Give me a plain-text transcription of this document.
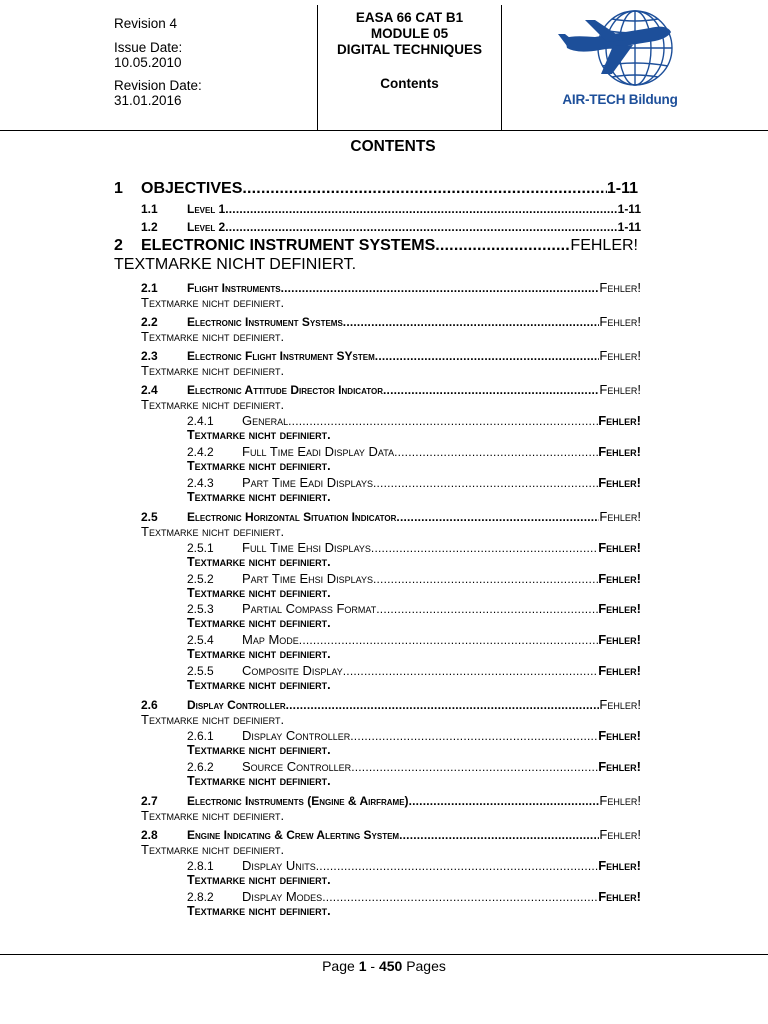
Revision 4
Issue Date:
10.05.2010
Revision Date:
31.01.2016
EASA 66 CAT B1
MODULE 05
DIGITAL TECHNIQUES
Contents
AIR-TECH Bildung
CONTENTS
1	OBJECTIVES .....	1-11
1.1	Level 1 .....	1-11
1.2	Level 2 .....	1-11
2	ELECTRONIC INSTRUMENT SYSTEMS .....	FEHLER!
TEXTMARKE NICHT DEFINIERT.
2.1	Flight Instruments .....	Fehler!
Textmarke nicht definiert.
2.2	Electronic Instrument Systems .....	Fehler!
Textmarke nicht definiert.
2.3	Electronic Flight Instrument SYstem .....	Fehler!
Textmarke nicht definiert.
2.4	Electronic Attitude Director Indicator .....	Fehler!
Textmarke nicht definiert.
2.4.1	General .....	Fehler!
Textmarke nicht definiert.
2.4.2	Full Time Eadi Display Data .....	Fehler!
Textmarke nicht definiert.
2.4.3	Part Time Eadi Displays .....	Fehler!
Textmarke nicht definiert.
2.5	Electronic Horizontal Situation Indicator .....	Fehler!
Textmarke nicht definiert.
2.5.1	Full Time Ehsi Displays .....	Fehler!
Textmarke nicht definiert.
2.5.2	Part Time Ehsi Displays .....	Fehler!
Textmarke nicht definiert.
2.5.3	Partial Compass Format .....	Fehler!
Textmarke nicht definiert.
2.5.4	Map Mode .....	Fehler!
Textmarke nicht definiert.
2.5.5	Composite Display .....	Fehler!
Textmarke nicht definiert.
2.6	Display Controller .....	Fehler!
Textmarke nicht definiert.
2.6.1	Display Controller .....	Fehler!
Textmarke nicht definiert.
2.6.2	Source Controller .....	Fehler!
Textmarke nicht definiert.
2.7	Electronic Instruments (Engine & Airframe) .....	Fehler!
Textmarke nicht definiert.
2.8	Engine Indicating & Crew Alerting System .....	Fehler!
Textmarke nicht definiert.
2.8.1	Display Units .....	Fehler!
Textmarke nicht definiert.
2.8.2	Display Modes .....	Fehler!
Textmarke nicht definiert.
Page 1 - 450 Pages
